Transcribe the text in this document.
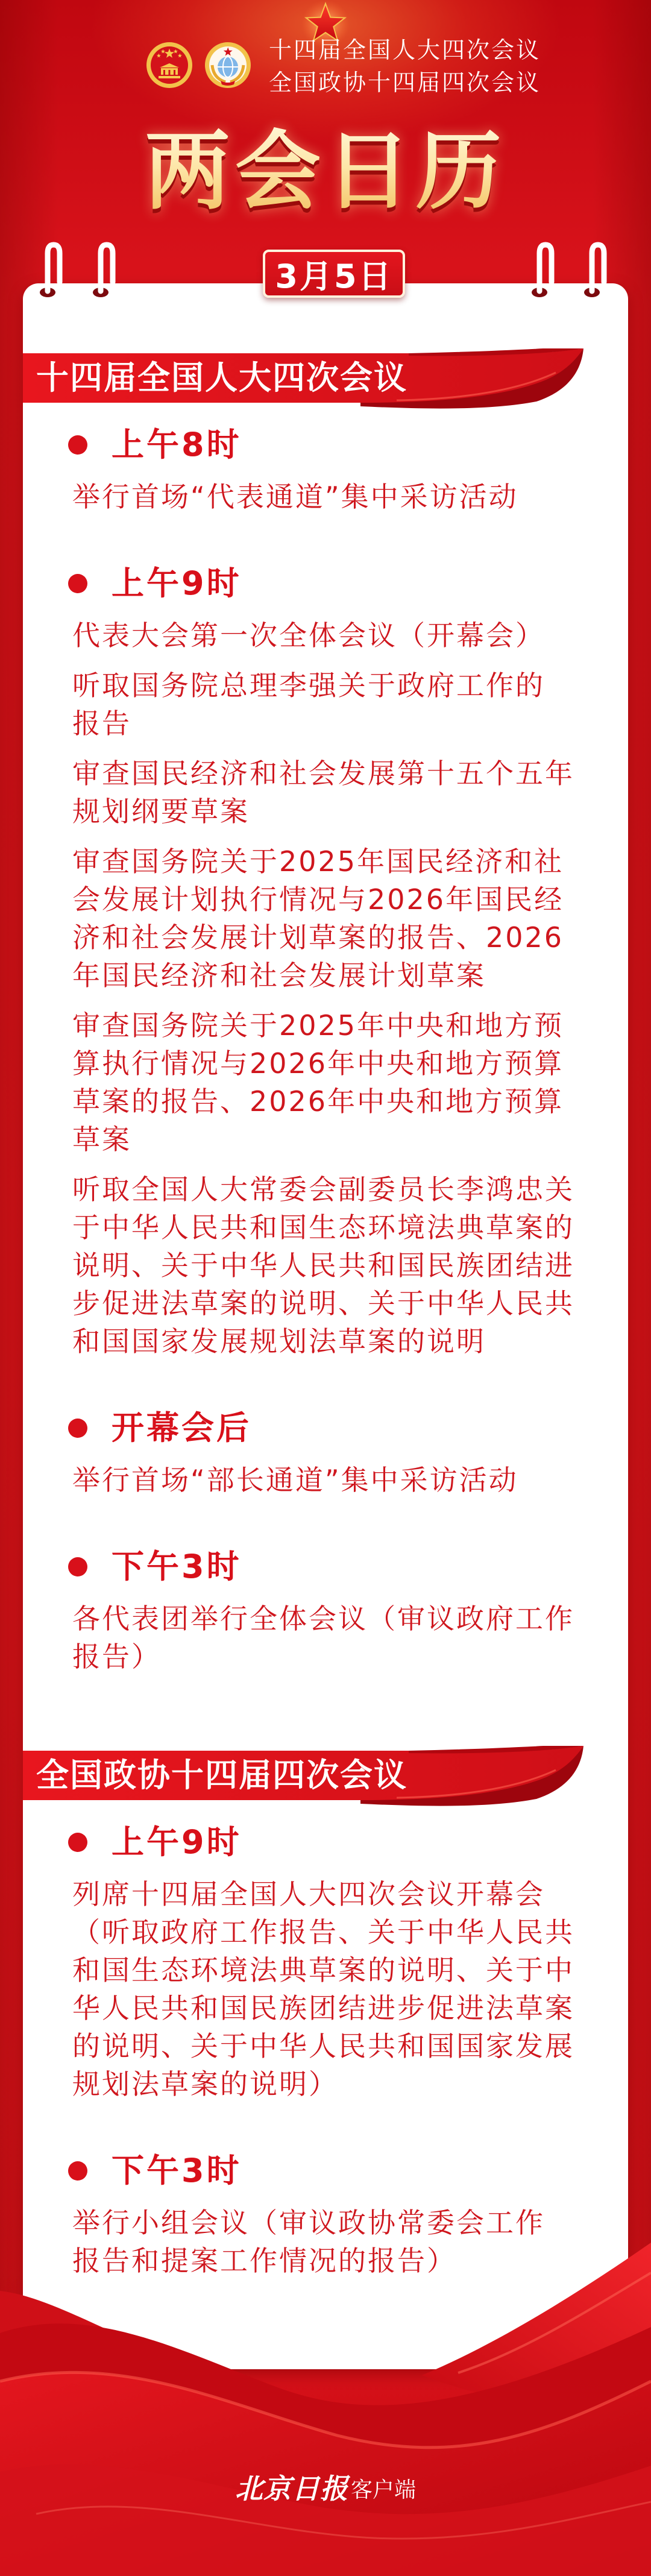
十四届全国人大四次会议
全国政协十四届四次会议
两会日历
3月5日
十四届全国人大四次会议
上午8时
举行首场“代表通道”集中采访活动
上午9时
代表大会第一次全体会议（开幕会）
听取国务院总理李强关于政府工作的
报告
审查国民经济和社会发展第十五个五年
规划纲要草案
审查国务院关于2025年国民经济和社
会发展计划执行情况与2026年国民经
济和社会发展计划草案的报告、2026
年国民经济和社会发展计划草案
审查国务院关于2025年中央和地方预
算执行情况与2026年中央和地方预算
草案的报告、2026年中央和地方预算
草案
听取全国人大常委会副委员长李鸿忠关
于中华人民共和国生态环境法典草案的
说明、关于中华人民共和国民族团结进
步促进法草案的说明、关于中华人民共
和国国家发展规划法草案的说明
开幕会后
举行首场“部长通道”集中采访活动
下午3时
各代表团举行全体会议（审议政府工作
报告）
全国政协十四届四次会议
上午9时
列席十四届全国人大四次会议开幕会
（听取政府工作报告、关于中华人民共
和国生态环境法典草案的说明、关于中
华人民共和国民族团结进步促进法草案
的说明、关于中华人民共和国国家发展
规划法草案的说明）
下午3时
举行小组会议（审议政协常委会工作
报告和提案工作情况的报告）
北京日报 客户端
